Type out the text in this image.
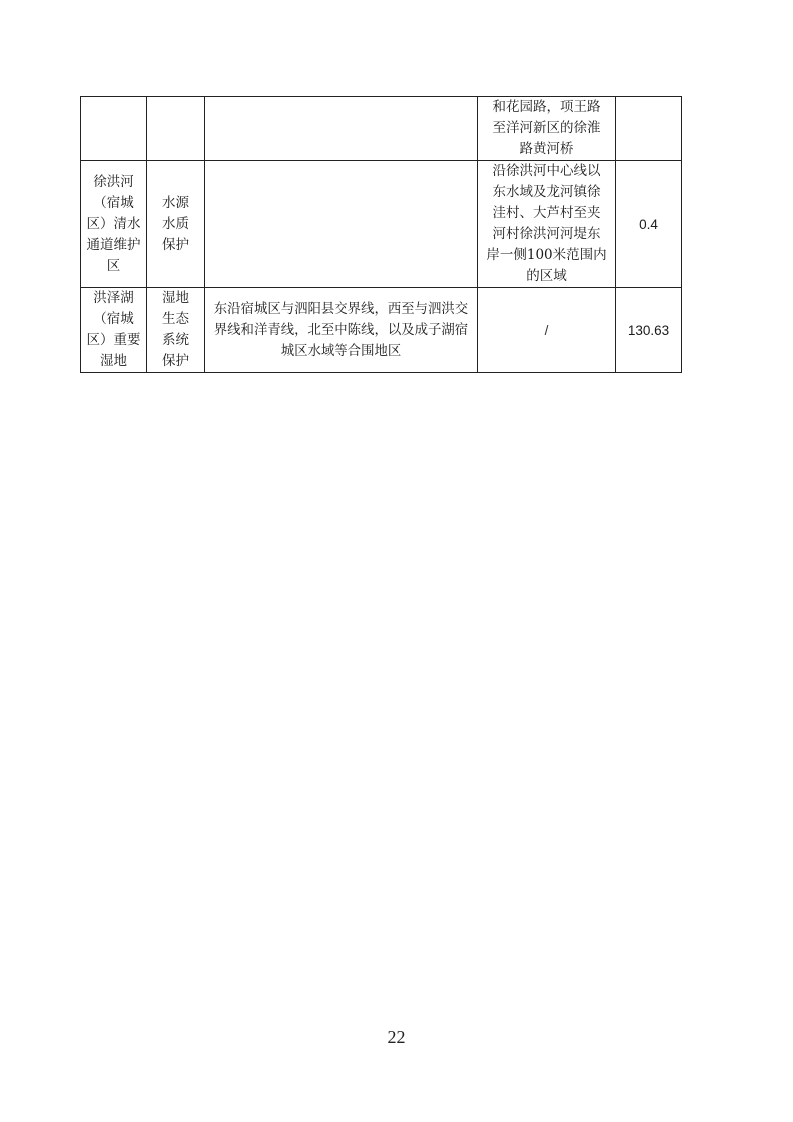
			和花园路，项王路至洋河新区的徐淮路黄河桥	

徐洪河（宿城区）清水通道维护区	水源水质保护		沿徐洪河中心线以东水域及龙河镇徐洼村、大芦村至夹河村徐洪河河堤东岸一侧100米范围内的区域	0.4

洪泽湖（宿城区）重要湿地	湿地生态系统保护	东沿宿城区与泗阳县交界线，西至与泗洪交界线和洋青线，北至中陈线，以及成子湖宿城区水域等合围地区	/	130.63
22
